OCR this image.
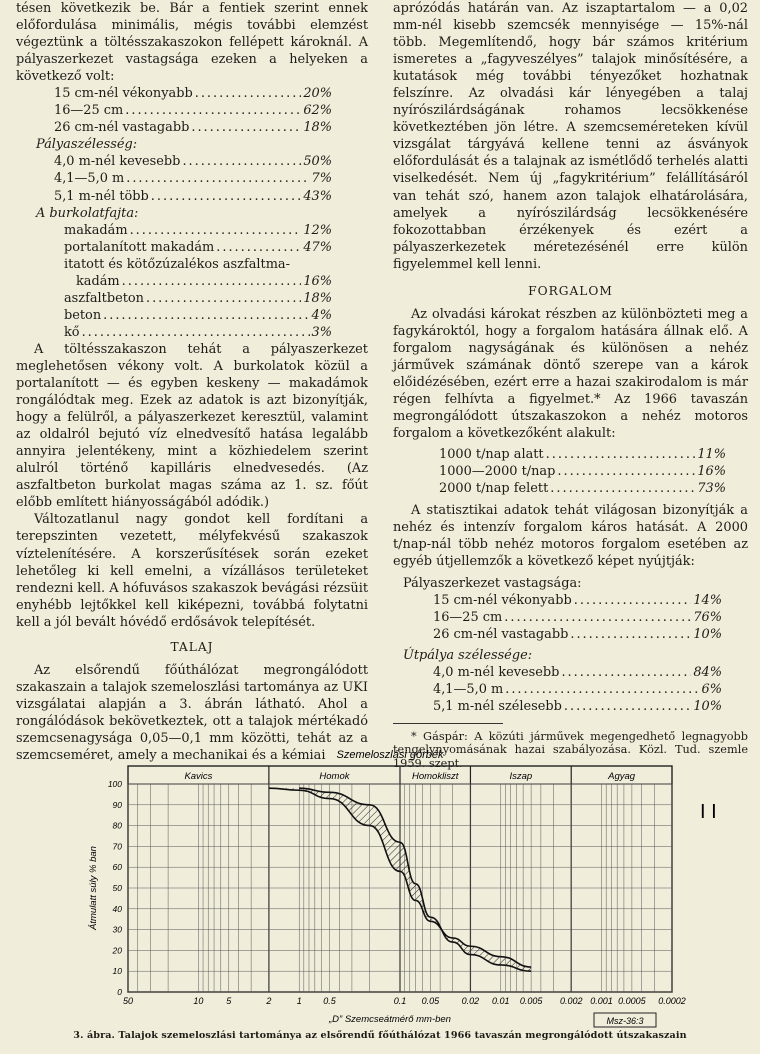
tésen következik be. Bár a fentiek szerint ennek előfordulása minimális, mégis további elemzést végeztünk a töltésszakaszokon fellépett károknál. A pályaszerkezet vastagsága ezeken a helyeken a következő volt:

15 cm-nél vékonyabb .....	20%
16—25 cm .....	62%
26 cm-nél vastagabb .....	18%
Pályaszélesség:
4,0 m-nél kevesebb .....	50%
4,1—5,0 m .....	7%
5,1 m-nél több .....	43%
A burkolatfajta:
makadám .....	12%
portalanított makadám .....	47%
itatott és kötőzúzalékos aszfaltma-
kadám .....	16%
aszfaltbeton .....	18%
beton .....	4%
kő .....	3%

A töltésszakaszon tehát a pályaszerkezet meglehetősen vékony volt. A burkolatok közül a portalanított — és egyben keskeny — makadámok rongálódtak meg. Ezek az adatok is azt bizonyítják, hogy a felülről, a pályaszerkezet keresztül, valamint az oldalról bejutó víz elnedvesítő hatása legalább annyira jelentékeny, mint a közhiedelem szerint alulról történő kapilláris elnedvesedés. (Az aszfaltbeton burkolat magas száma az 1. sz. főút előbb említett hiányosságából adódik.)

Változatlanul nagy gondot kell fordítani a terepszinten vezetett, mélyfekvésű szakaszok víztelenítésére. A korszerűsítések során ezeket lehetőleg ki kell emelni, a vízállásos területeket rendezni kell. A hófuvásos szakaszok bevágási rézsüit enyhébb lejtőkkel kell kiképezni, továbbá folytatni kell a jól bevált hóvédő erdősávok telepítését.

TALAJ

Az elsőrendű főúthálózat megrongálódott szakaszain a talajok szemeloszlási tartománya az UKI vizsgálatai alapján a 3. ábrán látható. Ahol a rongálódások bekövetkeztek, ott a talajok mértékadó szemcsenagysága 0,05—0,1 mm közötti, tehát az a szemcseméret, amely a mechanikai és a kémiai

aprózódás határán van. Az iszaptartalom — a 0,02 mm-nél kisebb szemcsék mennyisége — 15%-nál több. Megemlítendő, hogy bár számos kritérium ismeretes a „fagyveszélyes” talajok minősítésére, a kutatások még további tényezőket hozhatnak felszínre. Az olvadási kár lényegében a talaj nyírószilárdságának rohamos lecsökkenése következtében jön létre. A szemcseméreteken kívül vizsgálat tárgyává kellene tenni az ásványok előfordulását és a talajnak az ismétlődő terhelés alatti viselkedését. Nem új „fagykritérium” felállításáról van tehát szó, hanem azon talajok elhatárolására, amelyek a nyírószilárdság lecsökkenésére fokozottabban érzékenyek és ezért a pályaszerkezetek méretezésénél erre külön figyelemmel kell lenni.

FORGALOM

Az olvadási károkat részben az különbözteti meg a fagykároktól, hogy a forgalom hatására állnak elő. A forgalom nagyságának és különösen a nehéz járművek számának döntő szerepe van a károk előidézésében, ezért erre a hazai szakirodalom is már régen felhívta a figyelmet.* Az 1966 tavaszán megrongálódott útszakaszokon a nehéz motoros forgalom a következőként alakult:

1000 t/nap alatt .....	11%
1000—2000 t/nap .....	16%
2000 t/nap felett .....	73%

A statisztikai adatok tehát világosan bizonyítják a nehéz és intenzív forgalom káros hatását. A 2000 t/nap-nál több nehéz motoros forgalom esetében az egyéb útjellemzők a következő képet nyújtják:

Pályaszerkezet vastagsága:
15 cm-nél vékonyabb .....	14%
16—25 cm .....	76%
26 cm-nél vastagabb .....	10%
Útpálya szélessége:
4,0 m-nél kevesebb .....	84%
4,1—5,0 m .....	6%
5,1 m-nél szélesebb .....	10%

* Gáspár: A közúti járművek megengedhető legnagyobb tengelynyomásának hazai szabályozása. Közl. Tud. szemle 1959. szept.

Szemeloszlási görbék
Kavics	Homok	Homokliszt	Iszap	Agyag
100
90
80
70
60
50
40
30
20
10
0
50	10	5	2	1 0.5	0.1 0.05	0.02 0.01 0.005 0.002 0.001 0.0005 0.0002
Átmulatt súly % ban
„D” Szemcseátmérő mm-ben	Msz-36:3
I I
3. ábra. Talajok szemeloszlási tartománya az elsőrendű főúthálózat 1966 tavaszán megrongálódott útszakaszain
